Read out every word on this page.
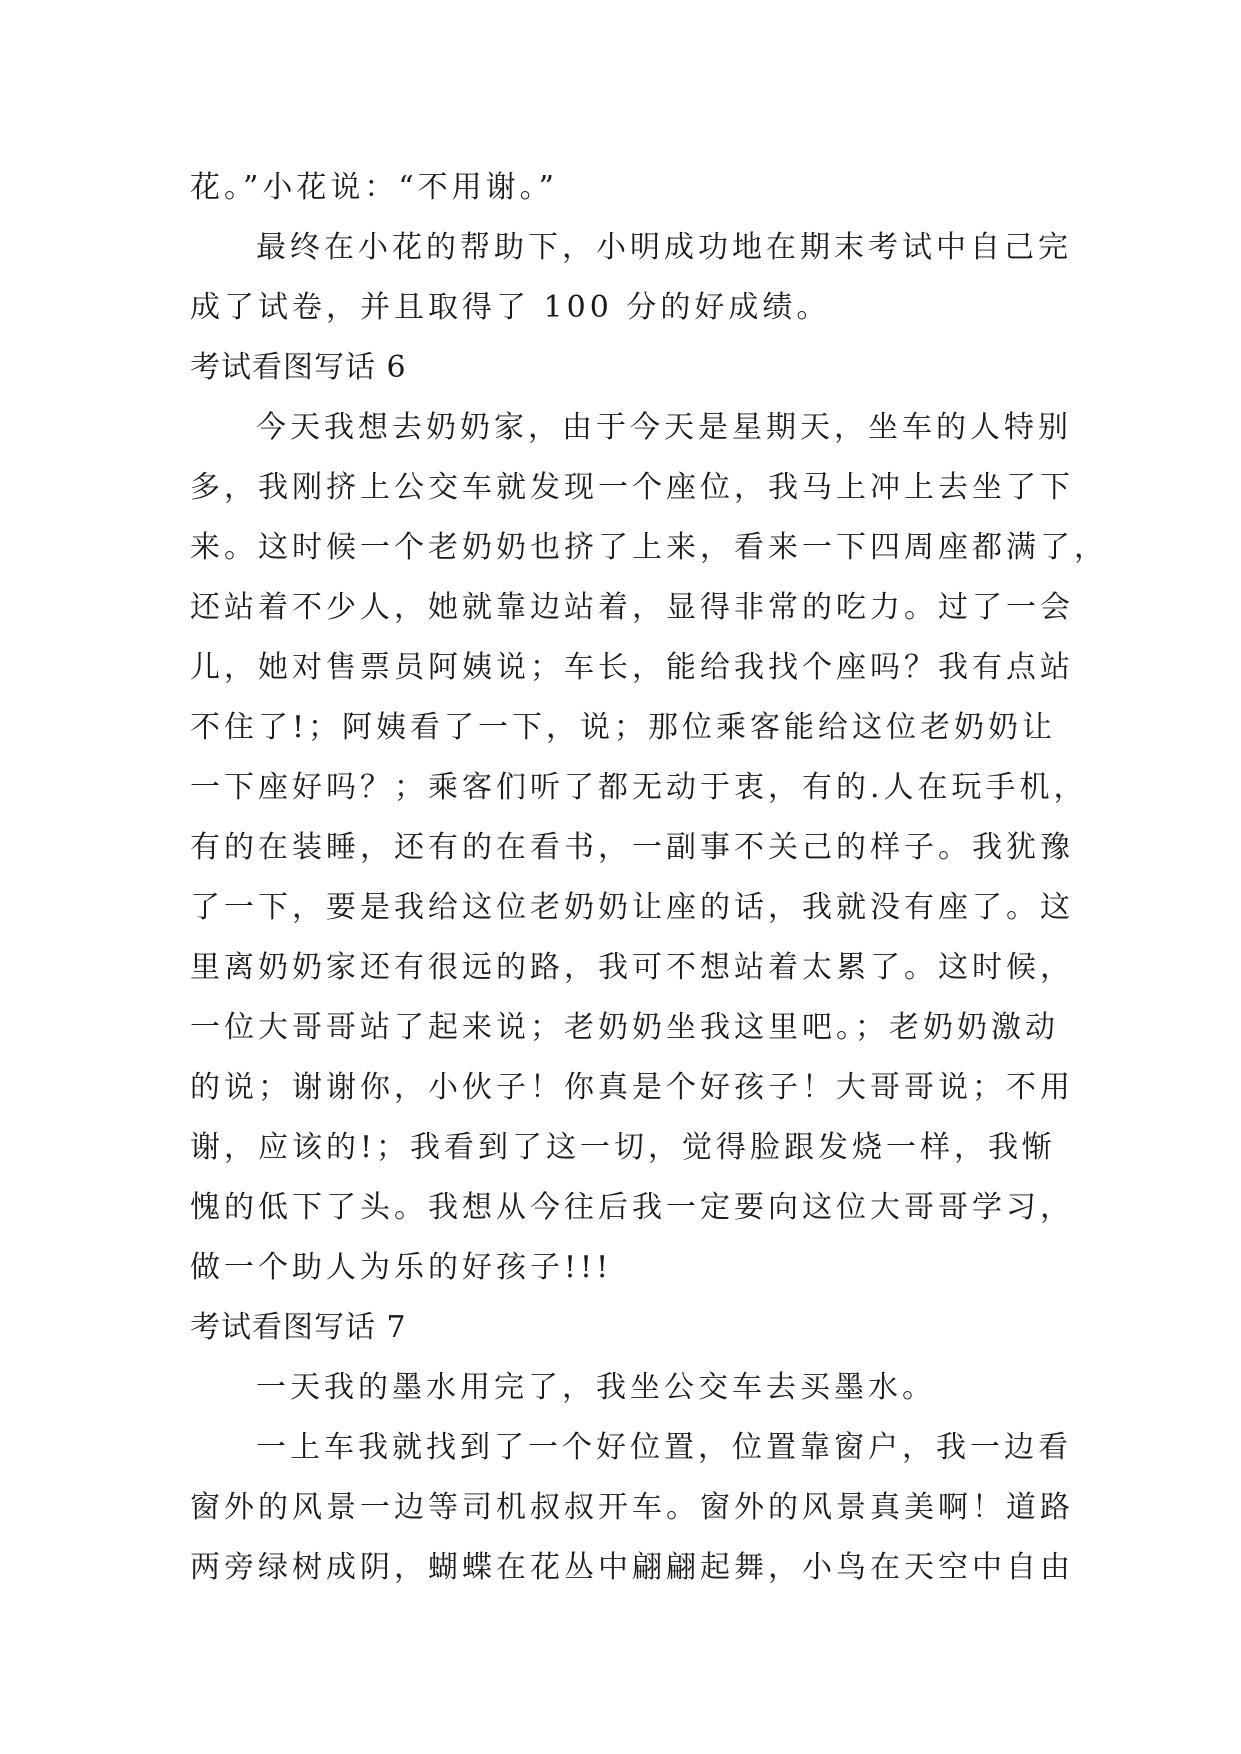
花。”小花说：“不用谢。”
最终在小花的帮助下，小明成功地在期末考试中自己完
成了试卷，并且取得了 100 分的好成绩。
考试看图写话 6
今天我想去奶奶家，由于今天是星期天，坐车的人特别
多，我刚挤上公交车就发现一个座位，我马上冲上去坐了下
来。这时候一个老奶奶也挤了上来，看来一下四周座都满了，
还站着不少人，她就靠边站着，显得非常的吃力。过了一会
儿，她对售票员阿姨说；车长，能给我找个座吗？我有点站
不住了!；阿姨看了一下，说；那位乘客能给这位老奶奶让
一下座好吗？；乘客们听了都无动于衷，有的.人在玩手机，
有的在装睡，还有的在看书，一副事不关己的样子。我犹豫
了一下，要是我给这位老奶奶让座的话，我就没有座了。这
里离奶奶家还有很远的路，我可不想站着太累了。这时候，
一位大哥哥站了起来说；老奶奶坐我这里吧。；老奶奶激动
的说；谢谢你，小伙子！你真是个好孩子！大哥哥说；不用
谢，应该的!；我看到了这一切，觉得脸跟发烧一样，我惭
愧的低下了头。我想从今往后我一定要向这位大哥哥学习，
做一个助人为乐的好孩子!!!
考试看图写话 7
一天我的墨水用完了，我坐公交车去买墨水。
一上车我就找到了一个好位置，位置靠窗户，我一边看
窗外的风景一边等司机叔叔开车。窗外的风景真美啊！道路
两旁绿树成阴，蝴蝶在花丛中翩翩起舞，小鸟在天空中自由
